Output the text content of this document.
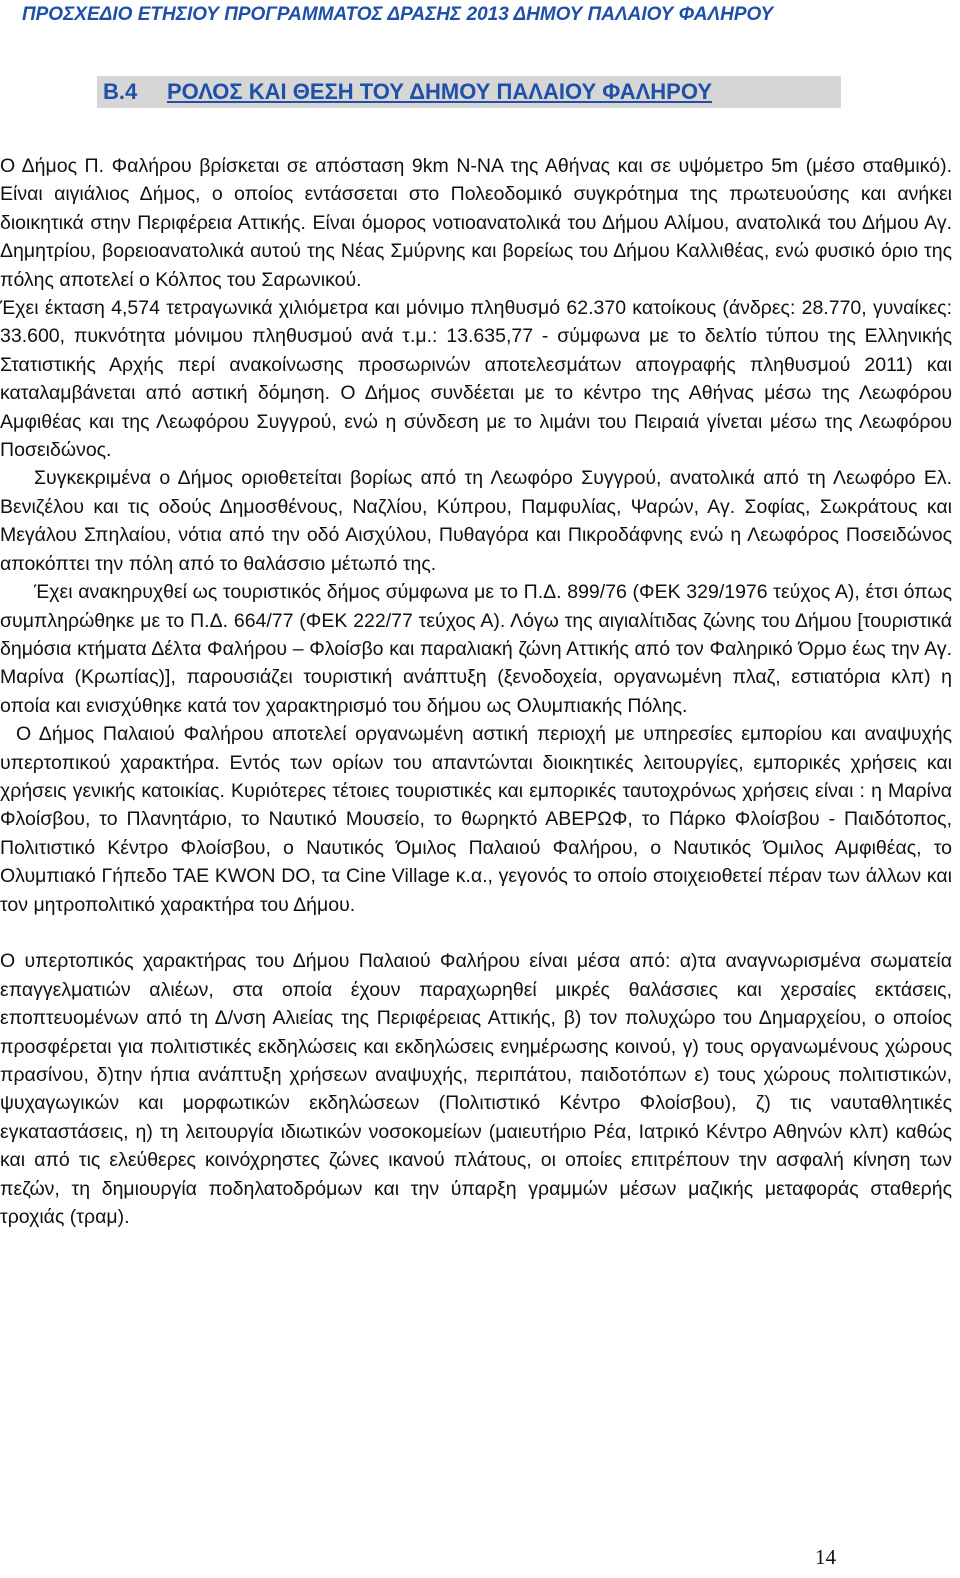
ΠΡΟΣΧΕΔΙΟ ΕΤΗΣΙΟΥ ΠΡΟΓΡΑΜΜΑΤΟΣ ΔΡΑΣΗΣ 2013 ΔΗΜΟΥ ΠΑΛΑΙΟΥ ΦΑΛΗΡΟΥ
Β.4 ΡΟΛΟΣ ΚΑΙ ΘΕΣΗ ΤΟΥ ΔΗΜΟΥ ΠΑΛΑΙΟΥ ΦΑΛΗΡΟΥ

Ο Δήμος Π. Φαλήρου βρίσκεται σε απόσταση 9km Ν-ΝΑ της Αθήνας και σε υψόμετρο 5m (μέσο σταθμικό). Είναι αιγιάλιος Δήμος, ο οποίος εντάσσεται στο Πολεοδομικό συγκρότημα της πρωτευούσης και ανήκει διοικητικά στην Περιφέρεια Αττικής. Είναι όμορος νοτιοανατολικά του Δήμου Αλίμου, ανατολικά του Δήμου Αγ. Δημητρίου, βορειοανατολικά αυτού της Νέας Σμύρνης και βορείως του Δήμου Καλλιθέας, ενώ φυσικό όριο της πόλης αποτελεί ο Κόλπος του Σαρωνικού.

Έχει έκταση 4,574 τετραγωνικά χιλιόμετρα και μόνιμο πληθυσμό 62.370 κατοίκους (άνδρες: 28.770, γυναίκες: 33.600, πυκνότητα μόνιμου πληθυσμού ανά τ.μ.: 13.635,77 - σύμφωνα με το δελτίο τύπου της Ελληνικής Στατιστικής Αρχής περί ανακοίνωσης προσωρινών αποτελεσμάτων απογραφής πληθυσμού 2011) και καταλαμβάνεται από αστική δόμηση. Ο Δήμος συνδέεται με το κέντρο της Αθήνας μέσω της Λεωφόρου Αμφιθέας και της Λεωφόρου Συγγρού, ενώ η σύνδεση με το λιμάνι του Πειραιά γίνεται μέσω της Λεωφόρου Ποσειδώνος.

Συγκεκριμένα ο Δήμος οριοθετείται βορίως από τη Λεωφόρο Συγγρού, ανατολικά από τη Λεωφόρο Ελ. Βενιζέλου και τις οδούς Δημοσθένους, Ναζλίου, Κύπρου, Παμφυλίας, Ψαρών, Αγ. Σοφίας, Σωκράτους και Μεγάλου Σπηλαίου, νότια από την οδό Αισχύλου, Πυθαγόρα και Πικροδάφνης ενώ η Λεωφόρος Ποσειδώνος αποκόπτει την πόλη από το θαλάσσιο μέτωπό της.

Έχει ανακηρυχθεί ως τουριστικός δήμος σύμφωνα με το Π.Δ. 899/76 (ΦΕΚ 329/1976 τεύχος Α), έτσι όπως συμπληρώθηκε με το Π.Δ. 664/77 (ΦΕΚ 222/77 τεύχος Α). Λόγω της αιγιαλίτιδας ζώνης του Δήμου [τουριστικά δημόσια κτήματα Δέλτα Φαλήρου – Φλοίσβο και παραλιακή ζώνη Αττικής από τον Φαληρικό Όρμο έως την Αγ. Μαρίνα (Κρωπίας)], παρουσιάζει τουριστική ανάπτυξη (ξενοδοχεία, οργανωμένη πλαζ, εστιατόρια κλπ) η οποία και ενισχύθηκε κατά τον χαρακτηρισμό του δήμου ως Ολυμπιακής Πόλης.

Ο Δήμος Παλαιού Φαλήρου αποτελεί οργανωμένη αστική περιοχή με υπηρεσίες εμπορίου και αναψυχής υπερτοπικού χαρακτήρα. Εντός των ορίων του απαντώνται διοικητικές λειτουργίες, εμπορικές χρήσεις και χρήσεις γενικής κατοικίας. Κυριότερες τέτοιες τουριστικές και εμπορικές ταυτοχρόνως χρήσεις είναι : η Μαρίνα Φλοίσβου, το Πλανητάριο, το Ναυτικό Μουσείο, το θωρηκτό ΑΒΕΡΩΦ, το Πάρκο Φλοίσβου - Παιδότοπος, Πολιτιστικό Κέντρο Φλοίσβου, ο Ναυτικός Όμιλος Παλαιού Φαλήρου, ο Ναυτικός Όμιλος Αμφιθέας, το Ολυμπιακό Γήπεδο TAE KWON DO, τα Cine Village κ.α., γεγονός το οποίο στοιχειοθετεί πέραν των άλλων και τον μητροπολιτικό χαρακτήρα του Δήμου.

Ο υπερτοπικός χαρακτήρας του Δήμου Παλαιού Φαλήρου είναι μέσα από: α)τα αναγνωρισμένα σωματεία επαγγελματιών αλιέων, στα οποία έχουν παραχωρηθεί μικρές θαλάσσιες και χερσαίες εκτάσεις, εποπτευομένων από τη Δ/νση Αλιείας της Περιφέρειας Αττικής, β) τον πολυχώρο του Δημαρχείου, ο οποίος προσφέρεται για πολιτιστικές εκδηλώσεις και εκδηλώσεις ενημέρωσης κοινού, γ) τους οργανωμένους χώρους πρασίνου, δ)την ήπια ανάπτυξη χρήσεων αναψυχής, περιπάτου, παιδοτόπων ε) τους χώρους πολιτιστικών, ψυχαγωγικών και μορφωτικών εκδηλώσεων (Πολιτιστικό Κέντρο Φλοίσβου), ζ) τις ναυταθλητικές εγκαταστάσεις, η) τη λειτουργία ιδιωτικών νοσοκομείων (μαιευτήριο Ρέα, Ιατρικό Κέντρο Αθηνών κλπ) καθώς και από τις ελεύθερες κοινόχρηστες ζώνες ικανού πλάτους, οι οποίες επιτρέπουν την ασφαλή κίνηση των πεζών, τη δημιουργία ποδηλατοδρόμων και την ύπαρξη γραμμών μέσων μαζικής μεταφοράς σταθερής τροχιάς (τραμ).

14
